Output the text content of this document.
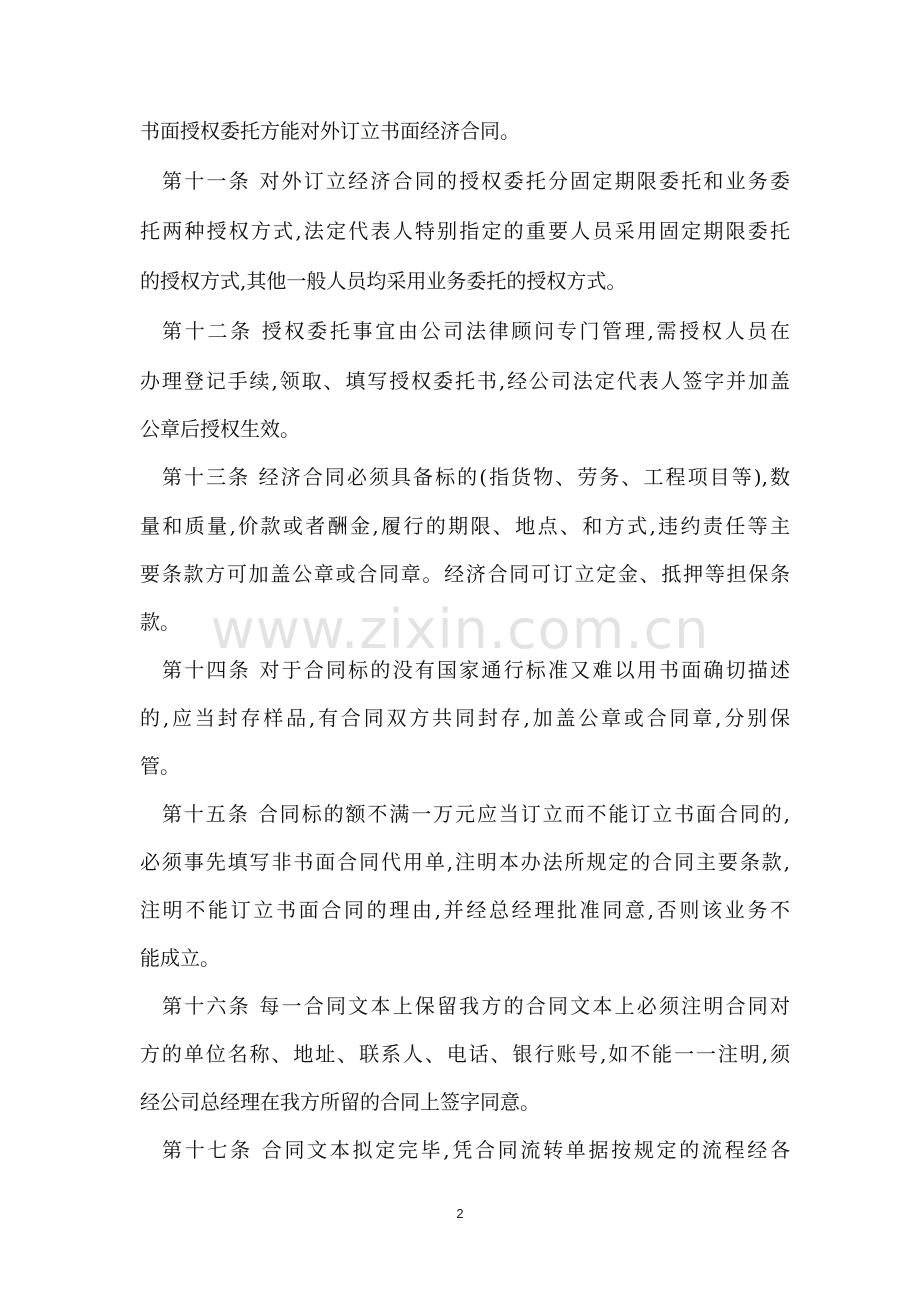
书面授权委托方能对外订立书面经济合同。
第十一条 对外订立经济合同的授权委托分固定期限委托和业务委
托两种授权方式,法定代表人特别指定的重要人员采用固定期限委托
的授权方式,其他一般人员均采用业务委托的授权方式。
第十二条 授权委托事宜由公司法律顾问专门管理,需授权人员在
办理登记手续,领取、填写授权委托书,经公司法定代表人签字并加盖
公章后授权生效。
第十三条 经济合同必须具备标的(指货物、劳务、工程项目等),数
量和质量,价款或者酬金,履行的期限、地点、和方式,违约责任等主
要条款方可加盖公章或合同章。经济合同可订立定金、抵押等担保条
款。
第十四条 对于合同标的没有国家通行标准又难以用书面确切描述
的,应当封存样品,有合同双方共同封存,加盖公章或合同章,分别保
管。
第十五条 合同标的额不满一万元应当订立而不能订立书面合同的,
必须事先填写非书面合同代用单,注明本办法所规定的合同主要条款,
注明不能订立书面合同的理由,并经总经理批准同意,否则该业务不
能成立。
第十六条 每一合同文本上保留我方的合同文本上必须注明合同对
方的单位名称、地址、联系人、电话、银行账号,如不能一一注明,须
经公司总经理在我方所留的合同上签字同意。
第十七条 合同文本拟定完毕,凭合同流转单据按规定的流程经各
www.zixin.com.cn
2
